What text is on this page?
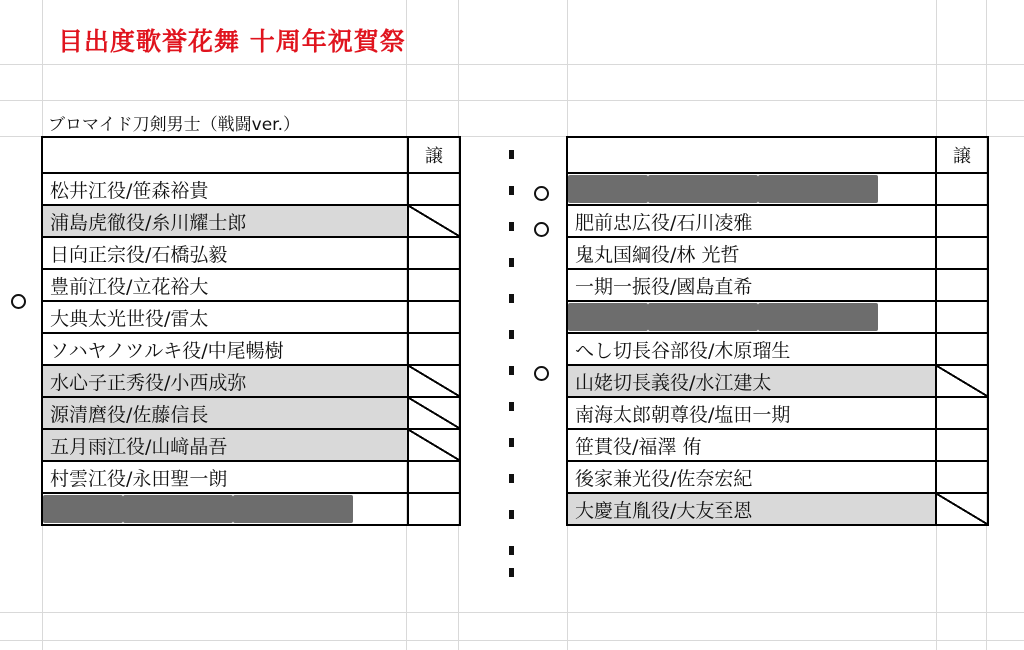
目出度歌誉花舞 十周年祝賀祭
ブロマイド刀剣男士（戦闘ver.）
	譲
松井江役/笹森裕貴	
浦島虎徹役/糸川耀士郎	
日向正宗役/石橋弘毅	
豊前江役/立花裕大	
大典太光世役/雷太	
ソハヤノツルキ役/中尾暢樹	
水心子正秀役/小西成弥	
源清麿役/佐藤信長	
五月雨江役/山﨑晶吾	
村雲江役/永田聖一朗	

	譲

肥前忠広役/石川凌雅	
鬼丸国綱役/林 光哲	
一期一振役/國島直希	

へし切長谷部役/木原瑠生	
山姥切長義役/水江建太	
南海太郎朝尊役/塩田一期	
笹貫役/福澤 侑	
後家兼光役/佐奈宏紀	
大慶直胤役/大友至恩	
